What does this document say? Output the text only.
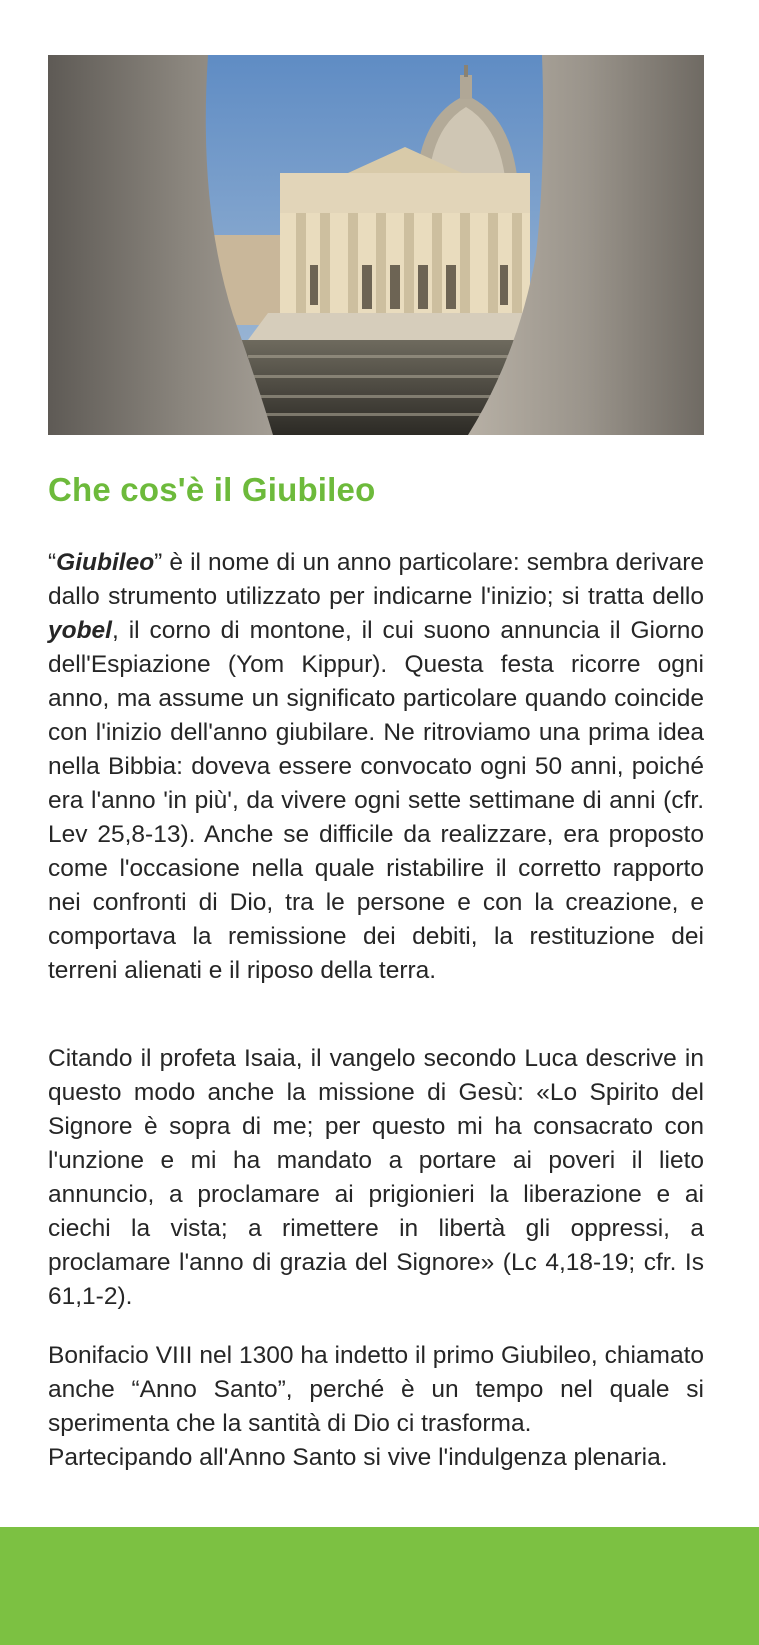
Che cos'è il Giubileo

“Giubileo” è il nome di un anno particolare: sembra derivare dallo strumento utilizzato per indicarne l'inizio; si tratta dello yobel, il corno di montone, il cui suono annuncia il Giorno dell'Espiazione (Yom Kippur). Questa festa ricorre ogni anno, ma assume un significato particolare quando coincide con l'inizio dell'anno giubilare. Ne ritroviamo una prima idea nella Bibbia: doveva essere convocato ogni 50 anni, poiché era l'anno 'in più', da vivere ogni sette settimane di anni (cfr. Lev 25,8-13). Anche se difficile da realizzare, era proposto come l'occasione nella quale ristabilire il corretto rapporto nei confronti di Dio, tra le persone e con la creazione, e comportava la remissione dei debiti, la restituzione dei terreni alienati e il riposo della terra.

Citando il profeta Isaia, il vangelo secondo Luca descrive in questo modo anche la missione di Gesù: «Lo Spirito del Signore è sopra di me; per questo mi ha consacrato con l'unzione e mi ha mandato a portare ai poveri il lieto annuncio, a proclamare ai prigionieri la liberazione e ai ciechi la vista; a rimettere in libertà gli oppressi, a proclamare l'anno di grazia del Signore» (Lc 4,18-19; cfr. Is 61,1-2).

Bonifacio VIII nel 1300 ha indetto il primo Giubileo, chiamato anche “Anno Santo”, perché è un tempo nel quale si sperimenta che la santità di Dio ci trasforma.
Partecipando all'Anno Santo si vive l'indulgenza plenaria.
